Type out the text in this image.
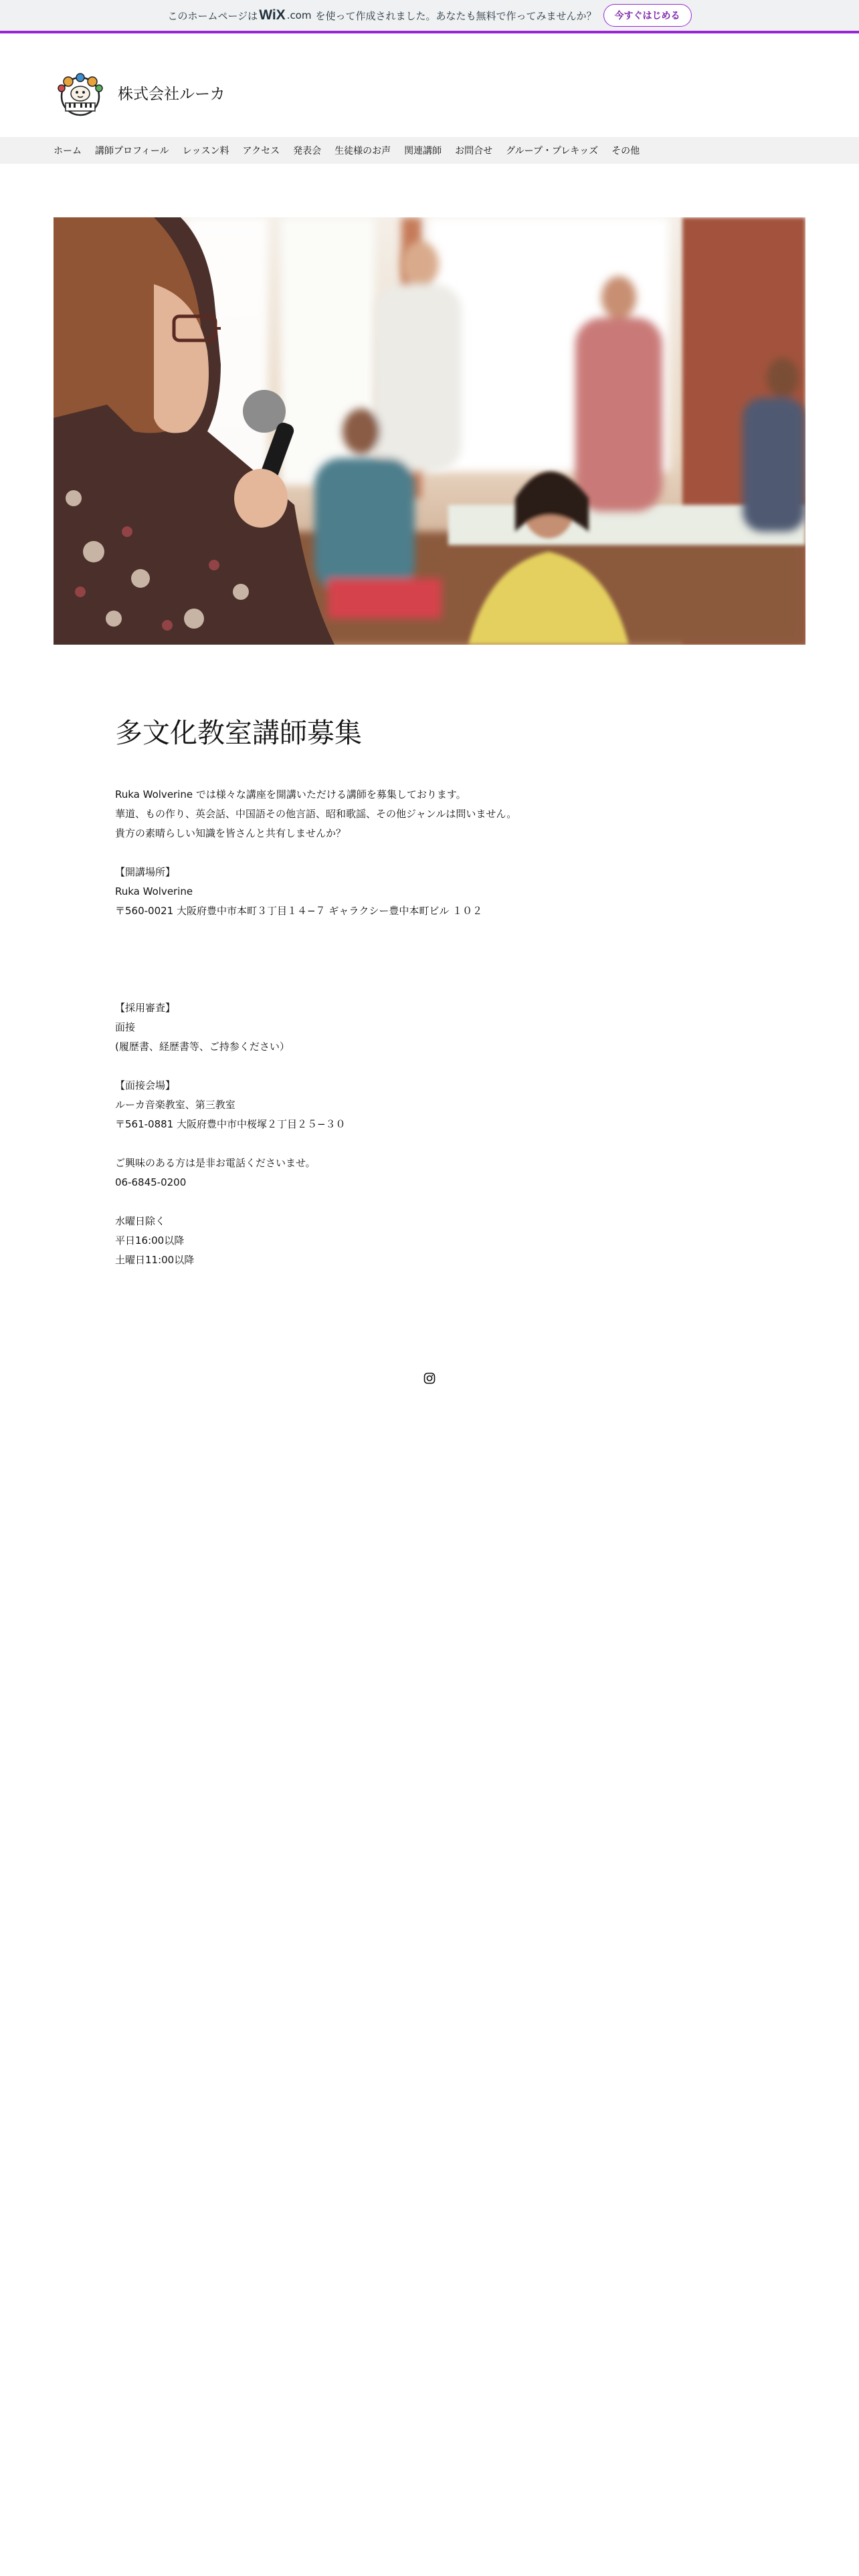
このホームページは WiX .com を使って作成されました。あなたも無料で作ってみませんか？	今すぐはじめる
株式会社ルーカ
ホーム 講師プロフィール レッスン料 アクセス 発表会 生徒様のお声 関連講師 お問合せ グループ・プレキッズ その他
多文化教室講師募集
Ruka Wolverine では様々な講座を開講いただける講師を募集しております。
華道、もの作り、英会話、中国語その他言語、昭和歌謡、その他ジャンルは問いません。
貴方の素晴らしい知識を皆さんと共有しませんか？
【開講場所】
Ruka Wolverine
〒560-0021 大阪府豊中市本町３丁目１４−７ ギャラクシー豊中本町ビル １０２
【採用審査】
面接
(履歴書、経歴書等、ご持参ください）
【面接会場】
ルーカ音楽教室、第三教室
〒561-0881 大阪府豊中市中桜塚２丁目２５−３０
ご興味のある方は是非お電話くださいませ。
06-6845-0200
水曜日除く
平日16:00以降
土曜日11:00以降
